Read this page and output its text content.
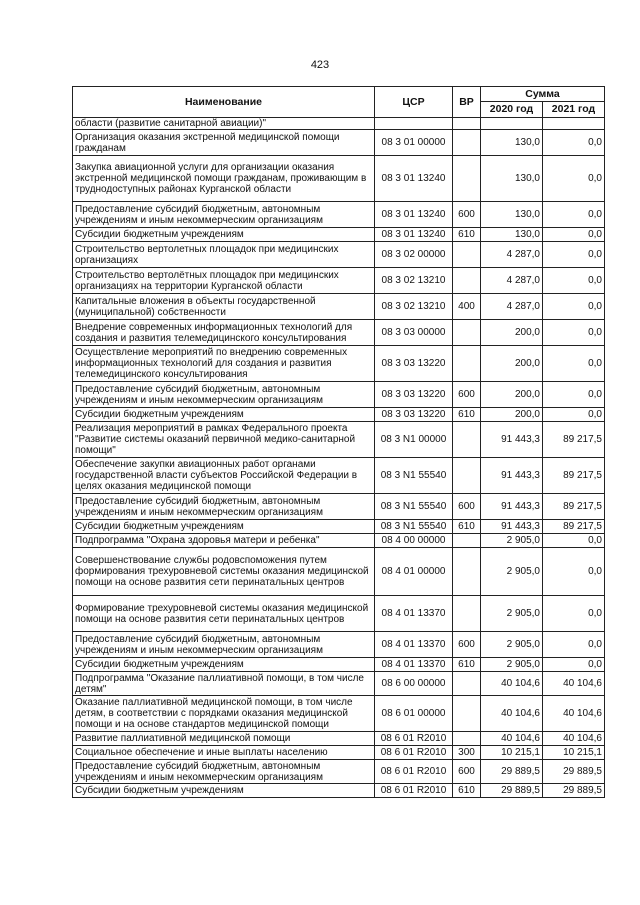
423
Наименование	ЦСР	ВР	Сумма	
			2020 год	2021 год
области (развитие санитарной авиации)"				
Организация оказания экстренной медицинской помощи гражданам	08 3 01 00000		130,0	0,0
Закупка авиационной услуги для организации оказания экстренной медицинской помощи гражданам, проживающим в труднодоступных районах Курганской области	08 3 01 13240		130,0	0,0
Предоставление субсидий бюджетным, автономным учреждениям и иным некоммерческим организациям	08 3 01 13240	600	130,0	0,0
Субсидии бюджетным учреждениям	08 3 01 13240	610	130,0	0,0
Строительство вертолетных площадок при медицинских организациях	08 3 02 00000		4 287,0	0,0
Строительство вертолётных площадок при медицинских организациях на территории Курганской области	08 3 02 13210		4 287,0	0,0
Капитальные вложения в объекты государственной (муниципальной) собственности	08 3 02 13210	400	4 287,0	0,0
Внедрение современных информационных технологий для создания и развития телемедицинского консультирования	08 3 03 00000		200,0	0,0
Осуществление мероприятий по внедрению современных информационных технологий для создания и развития телемедицинского консультирования	08 3 03 13220		200,0	0,0
Предоставление субсидий бюджетным, автономным учреждениям и иным некоммерческим организациям	08 3 03 13220	600	200,0	0,0
Субсидии бюджетным учреждениям	08 3 03 13220	610	200,0	0,0
Реализация мероприятий в рамках Федерального проекта "Развитие системы оказаний первичной медико-санитарной помощи"	08 3 N1 00000		91 443,3	89 217,5
Обеспечение закупки авиационных работ органами государственной власти субъектов Российской Федерации в целях оказания медицинской помощи	08 3 N1 55540		91 443,3	89 217,5
Предоставление субсидий бюджетным, автономным учреждениям и иным некоммерческим организациям	08 3 N1 55540	600	91 443,3	89 217,5
Субсидии бюджетным учреждениям	08 3 N1 55540	610	91 443,3	89 217,5
Подпрограмма "Охрана здоровья матери и ребенка"	08 4 00 00000		2 905,0	0,0
Совершенствование службы родовспоможения путем формирования трехуровневой системы оказания медицинской помощи на основе развития сети перинатальных центров	08 4 01 00000		2 905,0	0,0
Формирование трехуровневой системы оказания медицинской помощи на основе развития сети перинатальных центров	08 4 01 13370		2 905,0	0,0
Предоставление субсидий бюджетным, автономным учреждениям и иным некоммерческим организациям	08 4 01 13370	600	2 905,0	0,0
Субсидии бюджетным учреждениям	08 4 01 13370	610	2 905,0	0,0
Подпрограмма "Оказание паллиативной помощи, в том числе детям"	08 6 00 00000		40 104,6	40 104,6
Оказание паллиативной медицинской помощи, в том числе детям, в соответствии с порядками оказания медицинской помощи и на основе стандартов медицинской помощи	08 6 01 00000		40 104,6	40 104,6
Развитие паллиативной медицинской помощи	08 6 01 R2010		40 104,6	40 104,6
Социальное обеспечение и иные выплаты населению	08 6 01 R2010	300	10 215,1	10 215,1
Предоставление субсидий бюджетным, автономным учреждениям и иным некоммерческим организациям	08 6 01 R2010	600	29 889,5	29 889,5
Субсидии бюджетным учреждениям	08 6 01 R2010	610	29 889,5	29 889,5
